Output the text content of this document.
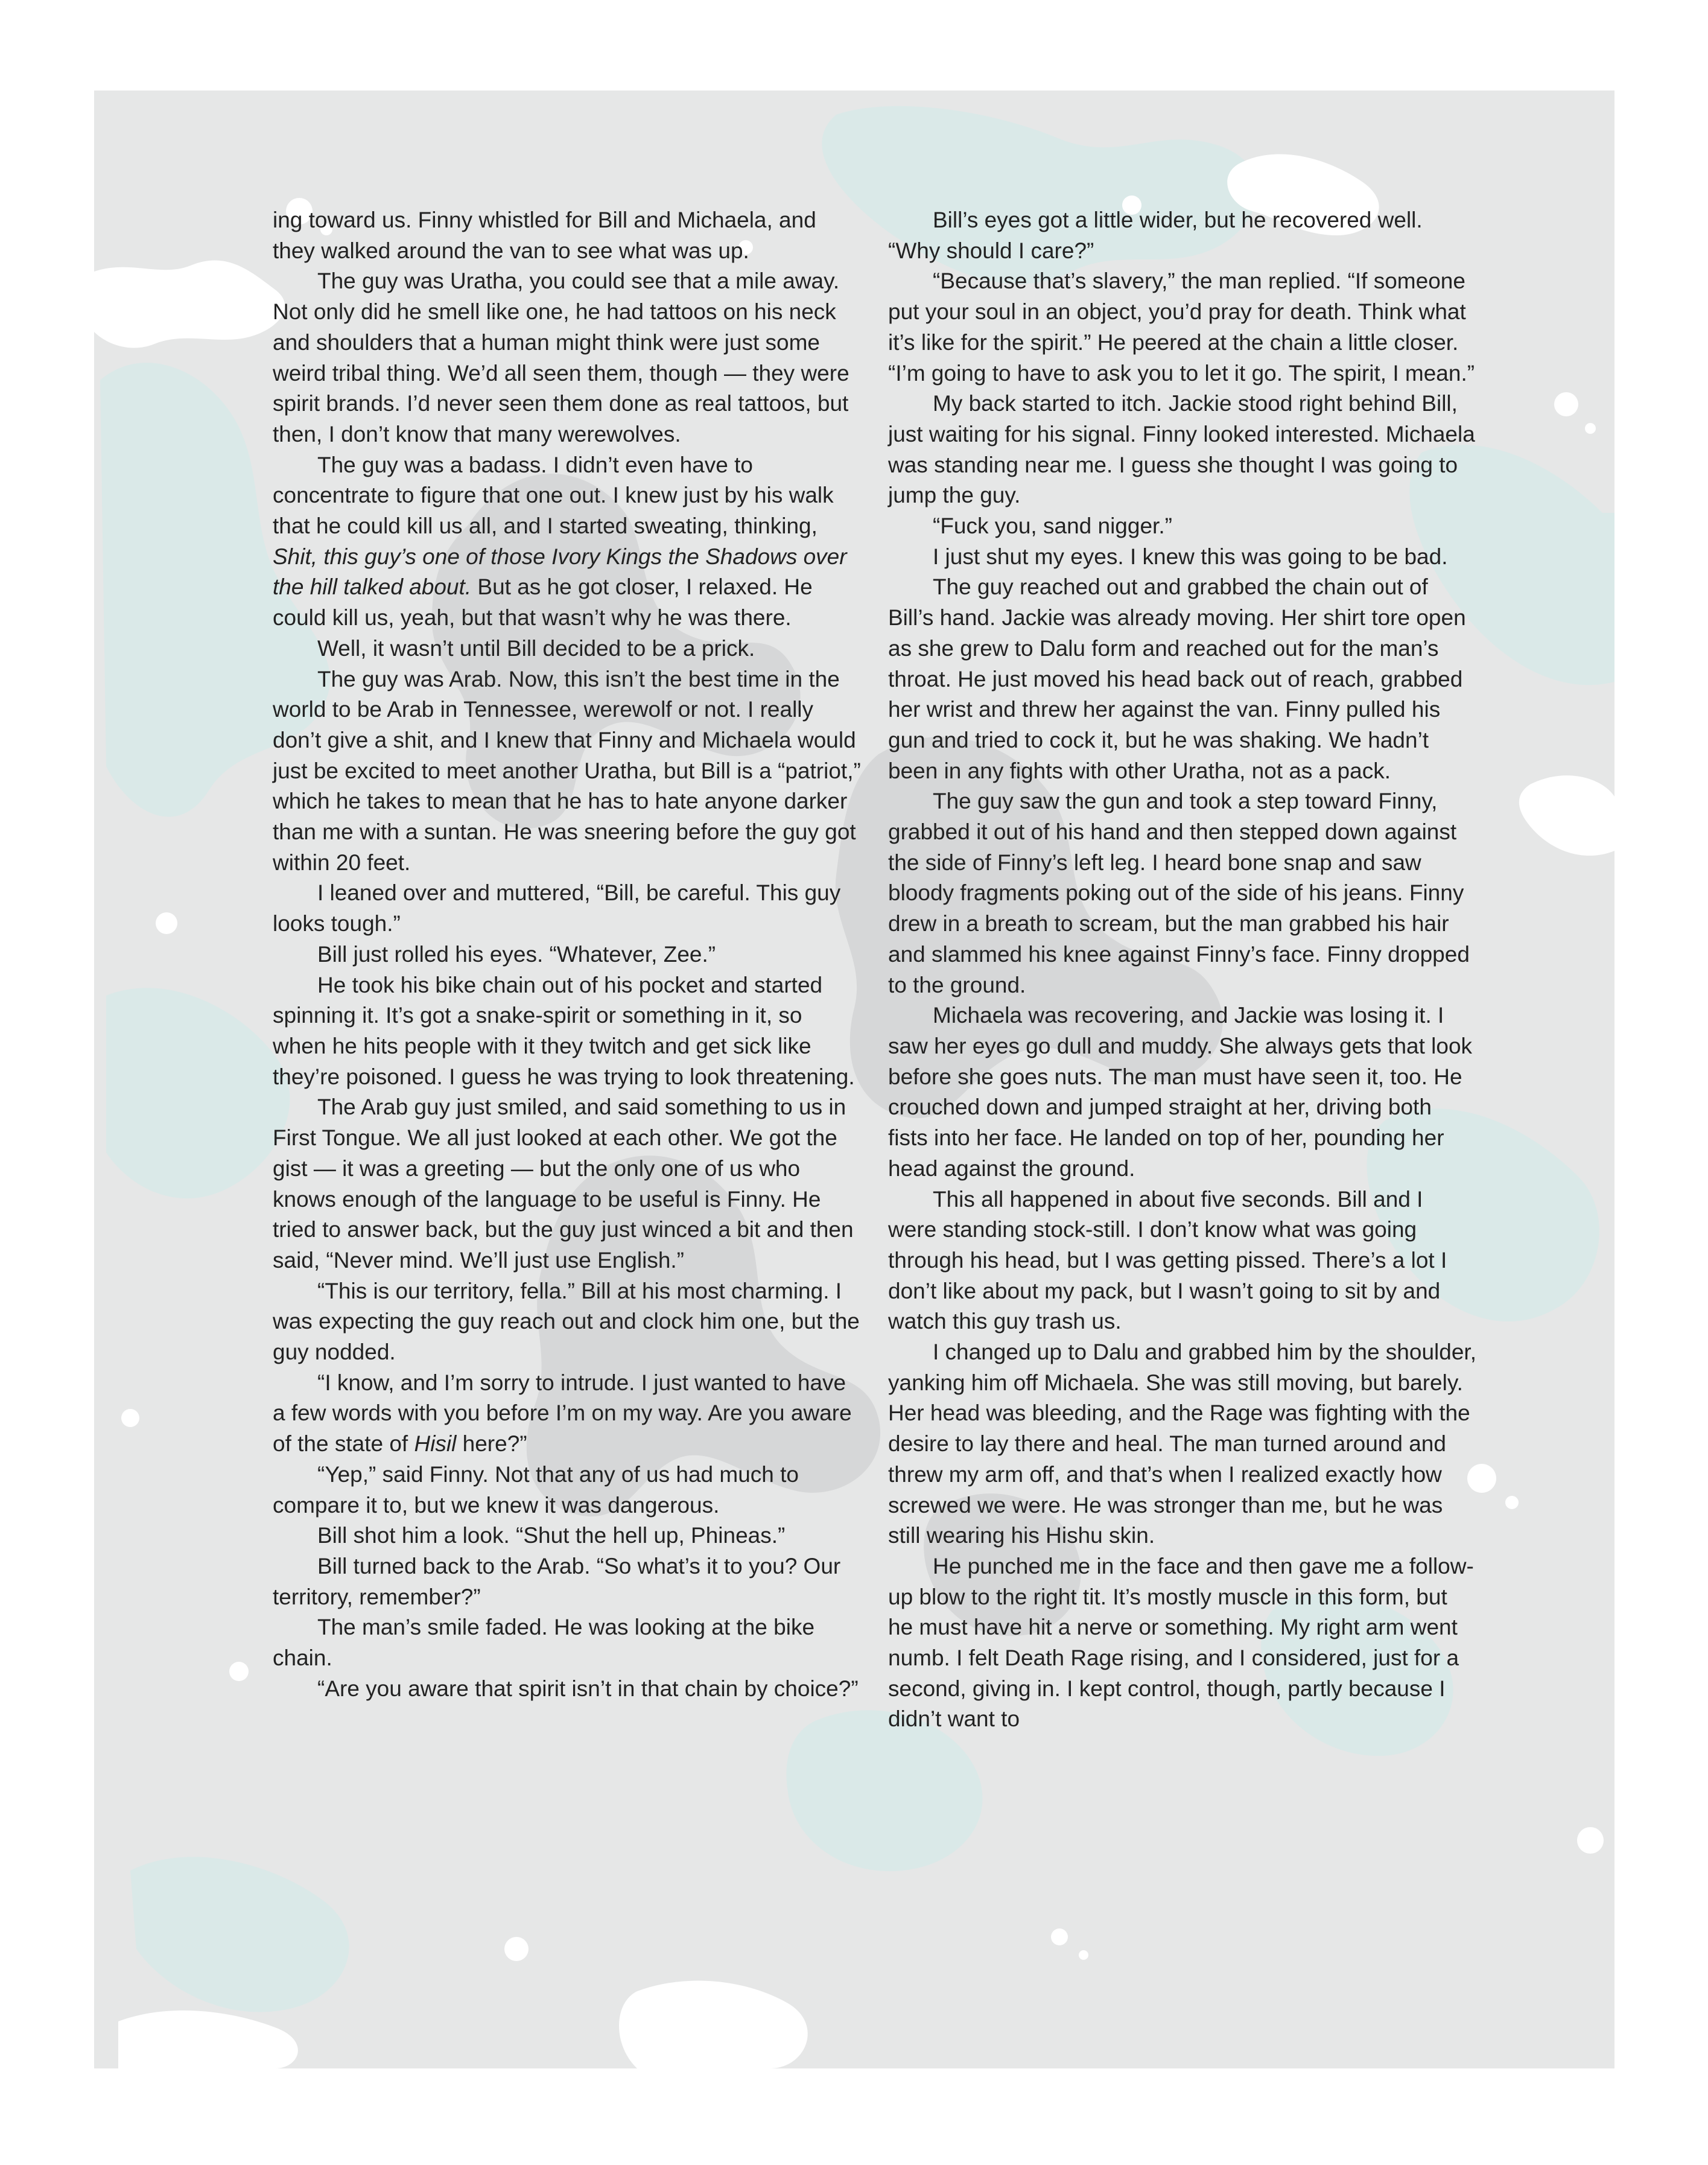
ing toward us. Finny whistled for Bill and Michaela, and they walked around the van to see what was up.

The guy was Uratha, you could see that a mile away. Not only did he smell like one, he had tattoos on his neck and shoulders that a human might think were just some weird tribal thing. We’d all seen them, though — they were spirit brands. I’d never seen them done as real tattoos, but then, I don’t know that many werewolves.

The guy was a badass. I didn’t even have to concentrate to figure that one out. I knew just by his walk that he could kill us all, and I started sweating, thinking, Shit, this guy’s one of those Ivory Kings the Shadows over the hill talked about. But as he got closer, I relaxed. He could kill us, yeah, but that wasn’t why he was there.

Well, it wasn’t until Bill decided to be a prick.

The guy was Arab. Now, this isn’t the best time in the world to be Arab in Tennessee, werewolf or not. I really don’t give a shit, and I knew that Finny and Michaela would just be excited to meet another Uratha, but Bill is a “patriot,” which he takes to mean that he has to hate anyone darker than me with a suntan. He was sneering before the guy got within 20 feet.

I leaned over and muttered, “Bill, be careful. This guy looks tough.”

Bill just rolled his eyes. “Whatever, Zee.”

He took his bike chain out of his pocket and started spinning it. It’s got a snake-spirit or something in it, so when he hits people with it they twitch and get sick like they’re poisoned. I guess he was trying to look threatening.

The Arab guy just smiled, and said something to us in First Tongue. We all just looked at each other. We got the gist — it was a greeting — but the only one of us who knows enough of the language to be useful is Finny. He tried to answer back, but the guy just winced a bit and then said, “Never mind. We’ll just use English.”

“This is our territory, fella.” Bill at his most charming. I was expecting the guy reach out and clock him one, but the guy nodded.

“I know, and I’m sorry to intrude. I just wanted to have a few words with you before I’m on my way. Are you aware of the state of Hisil here?”

“Yep,” said Finny. Not that any of us had much to compare it to, but we knew it was dangerous.

Bill shot him a look. “Shut the hell up, Phineas.”

Bill turned back to the Arab. “So what’s it to you? Our territory, remember?”

The man’s smile faded. He was looking at the bike chain.

“Are you aware that spirit isn’t in that chain by choice?”

Bill’s eyes got a little wider, but he recovered well. “Why should I care?”

“Because that’s slavery,” the man replied. “If someone put your soul in an object, you’d pray for death. Think what it’s like for the spirit.” He peered at the chain a little closer. “I’m going to have to ask you to let it go. The spirit, I mean.”

My back started to itch. Jackie stood right behind Bill, just waiting for his signal. Finny looked interested. Michaela was standing near me. I guess she thought I was going to jump the guy.

“Fuck you, sand nigger.”

I just shut my eyes. I knew this was going to be bad.

The guy reached out and grabbed the chain out of Bill’s hand. Jackie was already moving. Her shirt tore open as she grew to Dalu form and reached out for the man’s throat. He just moved his head back out of reach, grabbed her wrist and threw her against the van. Finny pulled his gun and tried to cock it, but he was shaking. We hadn’t been in any fights with other Uratha, not as a pack.

The guy saw the gun and took a step toward Finny, grabbed it out of his hand and then stepped down against the side of Finny’s left leg. I heard bone snap and saw bloody fragments poking out of the side of his jeans. Finny drew in a breath to scream, but the man grabbed his hair and slammed his knee against Finny’s face. Finny dropped to the ground.

Michaela was recovering, and Jackie was losing it. I saw her eyes go dull and muddy. She always gets that look before she goes nuts. The man must have seen it, too. He crouched down and jumped straight at her, driving both fists into her face. He landed on top of her, pounding her head against the ground.

This all happened in about five seconds. Bill and I were standing stock-still. I don’t know what was going through his head, but I was getting pissed. There’s a lot I don’t like about my pack, but I wasn’t going to sit by and watch this guy trash us.

I changed up to Dalu and grabbed him by the shoulder, yanking him off Michaela. She was still moving, but barely. Her head was bleeding, and the Rage was fighting with the desire to lay there and heal. The man turned around and threw my arm off, and that’s when I realized exactly how screwed we were. He was stronger than me, but he was still wearing his Hishu skin.

He punched me in the face and then gave me a follow-up blow to the right tit. It’s mostly muscle in this form, but he must have hit a nerve or something. My right arm went numb. I felt Death Rage rising, and I considered, just for a second, giving in. I kept control, though, partly because I didn’t want to
